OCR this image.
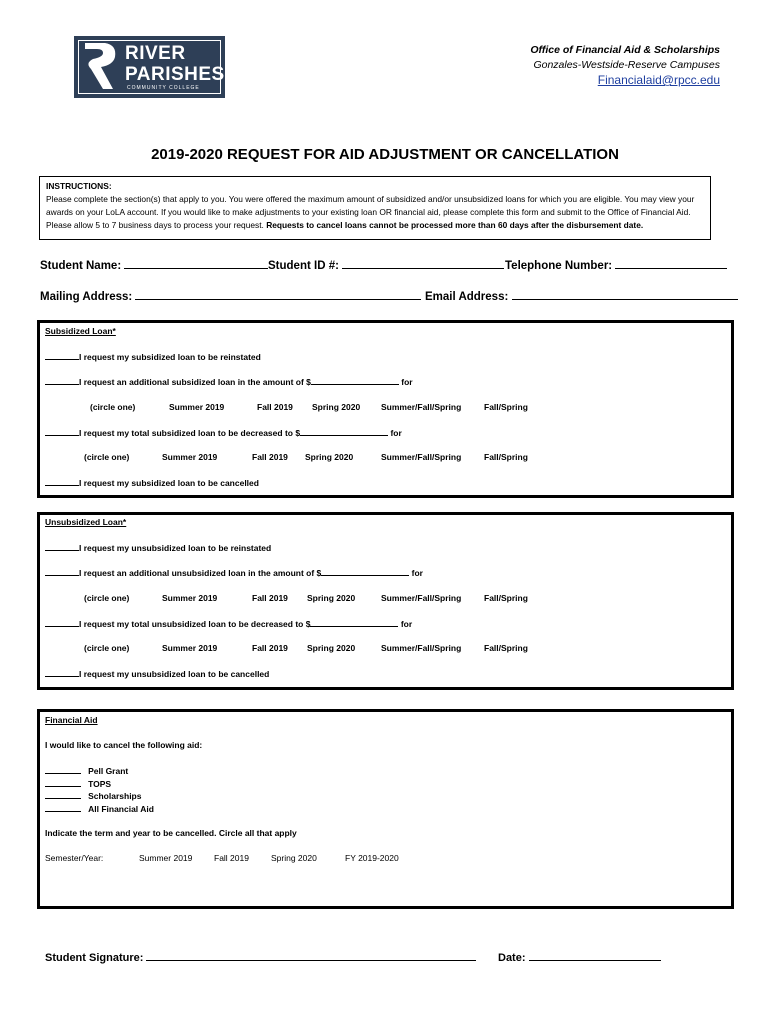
RIVER
PARISHES
COMMUNITY COLLEGE
Office of Financial Aid & Scholarships
Gonzales-Westside-Reserve Campuses
Financialaid@rpcc.edu
2019-2020 REQUEST FOR AID ADJUSTMENT OR CANCELLATION
INSTRUCTIONS:
Please complete the section(s) that apply to you. You were offered the maximum amount of subsidized and/or unsubsidized loans for which you are eligible. You may view your awards on your LoLA account. If you would like to make adjustments to your existing loan OR financial aid, please complete this form and submit to the Office of Financial Aid. Please allow 5 to 7 business days to process your request. Requests to cancel loans cannot be processed more than 60 days after the disbursement date.
Student Name:	Student ID #:	Telephone Number:
Mailing Address:	Email Address:
Subsidized Loan*
I request my subsidized loan to be reinstated
I request an additional subsidized loan in the amount of $	for
(circle one)	Summer 2019	Fall 2019 Spring 2020 Summer/Fall/Spring	Fall/Spring
I request my total subsidized loan to be decreased to $	for
(circle one)	Summer 2019	Fall 2019 Spring 2020	Summer/Fall/Spring	Fall/Spring
I request my subsidized loan to be cancelled
Unsubsidized Loan*
I request my unsubsidized loan to be reinstated
I request an additional unsubsidized loan in the amount of $	for
(circle one)	Summer 2019	Fall 2019 Spring 2020	Summer/Fall/Spring	Fall/Spring
I request my total unsubsidized loan to be decreased to $	for
(circle one)	Summer 2019	Fall 2019 Spring 2020	Summer/Fall/Spring	Fall/Spring
I request my unsubsidized loan to be cancelled
Financial Aid
I would like to cancel the following aid:
Pell Grant
TOPS
Scholarships
All Financial Aid
Indicate the term and year to be cancelled. Circle all that apply
Semester/Year:	Summer 2019	Fall 2019	Spring 2020	FY 2019-2020
Student Signature:	Date:
